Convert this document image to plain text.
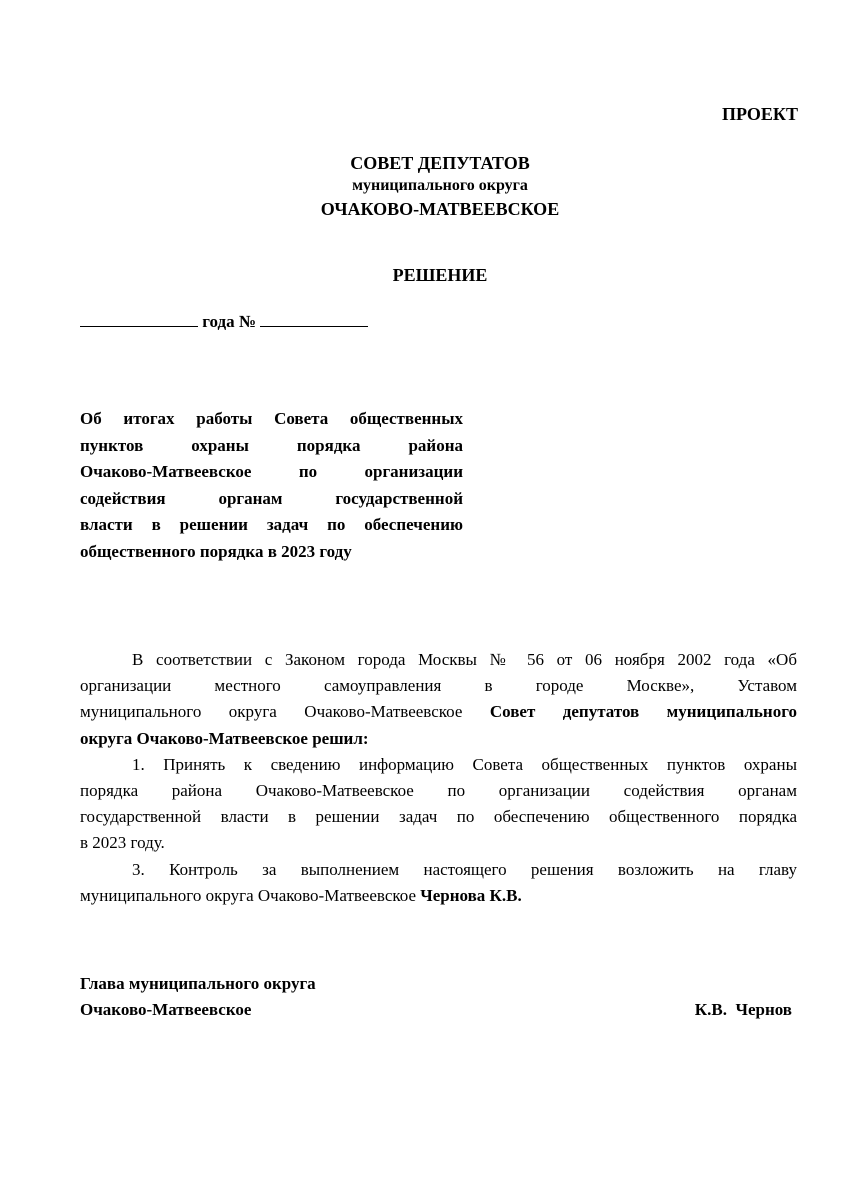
ПРОЕКТ
СОВЕТ ДЕПУТАТОВ
муниципального округа
ОЧАКОВО-МАТВЕЕВСКОЕ
РЕШЕНИЕ
года №
Об итогах работы Совета общественных
пунктов охраны порядка района
Очаково-Матвеевское по организации
содействия органам государственной
власти в решении задач по обеспечению
общественного порядка в 2023 году
В соответствии с Законом города Москвы № 56 от 06 ноября 2002 года «Об
организации местного самоуправления в городе Москве», Уставом
муниципального округа Очаково-Матвеевское Совет депутатов муниципального
округа Очаково-Матвеевское решил:
1. Принять к сведению информацию Совета общественных пунктов охраны
порядка района Очаково-Матвеевское по организации содействия органам
государственной власти в решении задач по обеспечению общественного порядка
в 2023 году.
3. Контроль за выполнением настоящего решения возложить на главу
муниципального округа Очаково-Матвеевское Чернова К.В.
Глава муниципального округа
Очаково-Матвеевское	К.В.  Чернов
